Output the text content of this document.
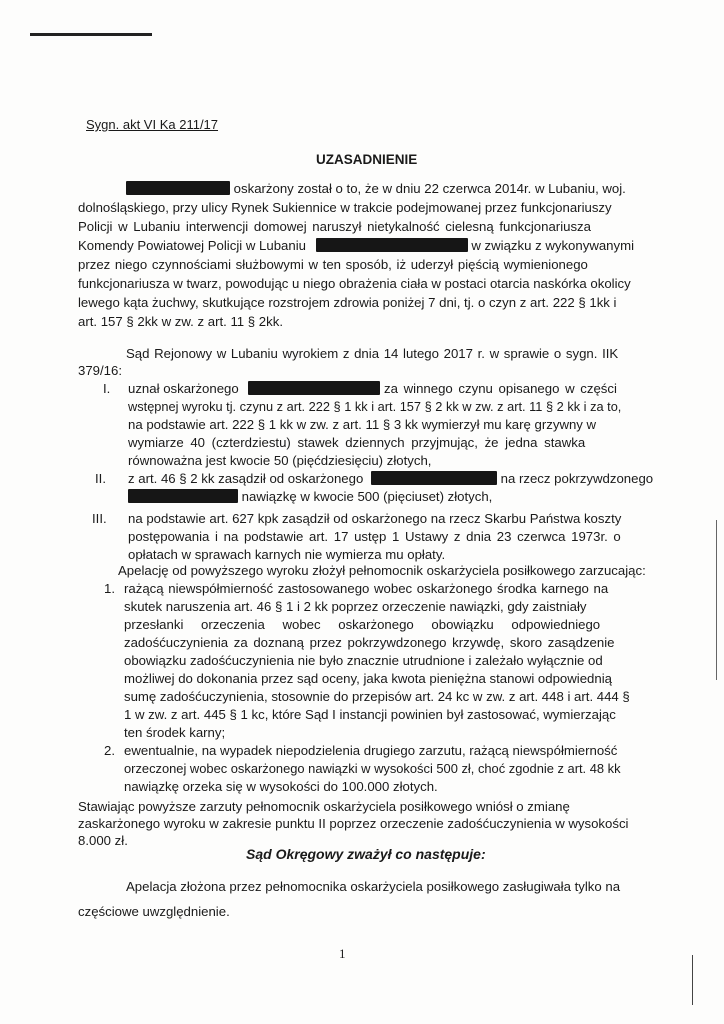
Sygn. akt VI Ka 211/17
UZASADNIENIE
oskarżony został o to, że w dniu 22 czerwca 2014r. w Lubaniu, woj.
dolnośląskiego, przy ulicy Rynek Sukiennice w trakcie podejmowanej przez funkcjonariuszy
Policji w Lubaniu interwencji domowej naruszył nietykalność cielesną funkcjonariusza
Komendy Powiatowej Policji w Lubaniu	w związku z wykonywanymi
przez niego czynnościami służbowymi w ten sposób, iż uderzył pięścią wymienionego
funkcjonariusza w twarz, powodując u niego obrażenia ciała w postaci otarcia naskórka okolicy
lewego kąta żuchwy, skutkujące rozstrojem zdrowia poniżej 7 dni, tj. o czyn z art. 222 § 1kk i
art. 157 § 2kk w zw. z art. 11 § 2kk.
Sąd Rejonowy w Lubaniu wyrokiem z dnia 14 lutego 2017 r. w sprawie o sygn. IIK
379/16:
I. uznał oskarżonego	za winnego czynu opisanego w części
wstępnej wyroku tj. czynu z art. 222 § 1 kk i art. 157 § 2 kk w zw. z art. 11 § 2 kk i za to,
na podstawie art. 222 § 1 kk w zw. z art. 11 § 3 kk wymierzył mu karę grzywny w
wymiarze 40 (czterdziestu) stawek dziennych przyjmując, że jedna stawka
równoważna jest kwocie 50 (pięćdziesięciu) złotych,
II. z art. 46 § 2 kk zasądził od oskarżonego	na rzecz pokrzywdzonego
nawiązkę w kwocie 500 (pięciuset) złotych,
III. na podstawie art. 627 kpk zasądził od oskarżonego na rzecz Skarbu Państwa koszty
postępowania i na podstawie art. 17 ustęp 1 Ustawy z dnia 23 czerwca 1973r. o
opłatach w sprawach karnych nie wymierza mu opłaty.
Apelację od powyższego wyroku złożył pełnomocnik oskarżyciela posiłkowego zarzucając:
1. rażącą niewspółmierność zastosowanego wobec oskarżonego środka karnego na
skutek naruszenia art. 46 § 1 i 2 kk poprzez orzeczenie nawiązki, gdy zaistniały
przesłanki orzeczenia wobec oskarżonego obowiązku odpowiedniego
zadośćuczynienia za doznaną przez pokrzywdzonego krzywdę, skoro zasądzenie
obowiązku zadośćuczynienia nie było znacznie utrudnione i zależało wyłącznie od
możliwej do dokonania przez sąd oceny, jaka kwota pieniężna stanowi odpowiednią
sumę zadośćuczynienia, stosownie do przepisów art. 24 kc w zw. z art. 448 i art. 444 §
1 w zw. z art. 445 § 1 kc, które Sąd I instancji powinien był zastosować, wymierzając
ten środek karny;
2. ewentualnie, na wypadek niepodzielenia drugiego zarzutu, rażącą niewspółmierność
orzeczonej wobec oskarżonego nawiązki w wysokości 500 zł, choć zgodnie z art. 48 kk
nawiązkę orzeka się w wysokości do 100.000 złotych.
Stawiając powyższe zarzuty pełnomocnik oskarżyciela posiłkowego wniósł o zmianę
zaskarżonego wyroku w zakresie punktu II poprzez orzeczenie zadośćuczynienia w wysokości
8.000 zł.
Sąd Okręgowy zważył co następuje:
Apelacja złożona przez pełnomocnika oskarżyciela posiłkowego zasługiwała tylko na
częściowe uwzględnienie.
1
